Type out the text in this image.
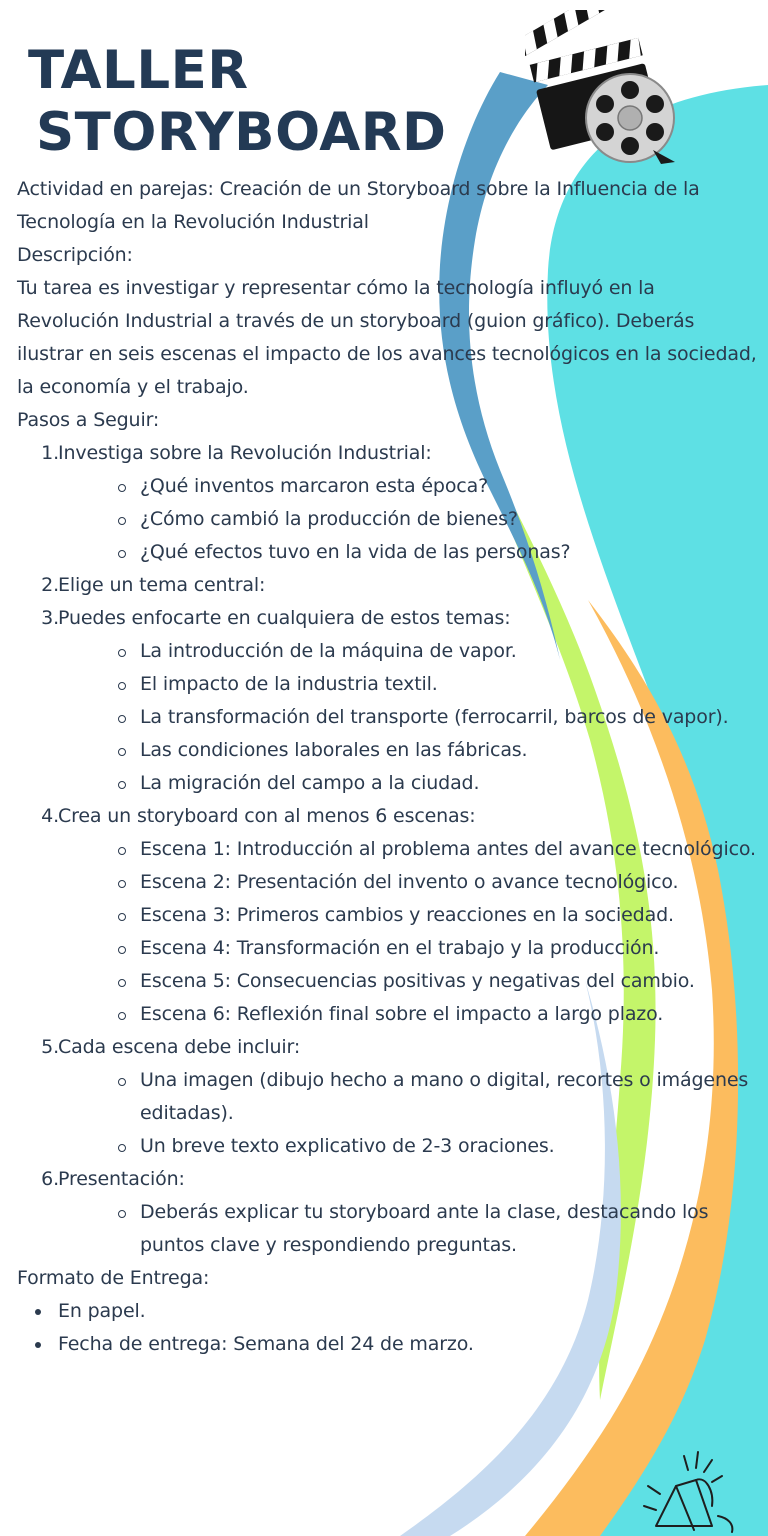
TALLER
STORYBOARD

Actividad en parejas: Creación de un Storyboard sobre la Influencia de la Tecnología en la Revolución Industrial

Descripción:

Tu tarea es investigar y representar cómo la tecnología influyó en la Revolución Industrial a través de un storyboard (guion gráfico). Deberás ilustrar en seis escenas el impacto de los avances tecnológicos en la sociedad, la economía y el trabajo.

Pasos a Seguir:

1. Investiga sobre la Revolución Industrial:
¿Qué inventos marcaron esta época?
¿Cómo cambió la producción de bienes?
¿Qué efectos tuvo en la vida de las personas?
2. Elige un tema central:
3. Puedes enfocarte en cualquiera de estos temas:
La introducción de la máquina de vapor.
El impacto de la industria textil.
La transformación del transporte (ferrocarril, barcos de vapor).
Las condiciones laborales en las fábricas.
La migración del campo a la ciudad.
4. Crea un storyboard con al menos 6 escenas:
Escena 1: Introducción al problema antes del avance tecnológico.
Escena 2: Presentación del invento o avance tecnológico.
Escena 3: Primeros cambios y reacciones en la sociedad.
Escena 4: Transformación en el trabajo y la producción.
Escena 5: Consecuencias positivas y negativas del cambio.
Escena 6: Reflexión final sobre el impacto a largo plazo.
5. Cada escena debe incluir:
Una imagen (dibujo hecho a mano o digital, recortes o imágenes editadas).
Un breve texto explicativo de 2-3 oraciones.
6. Presentación:
Deberás explicar tu storyboard ante la clase, destacando los puntos clave y respondiendo preguntas.

Formato de Entrega:

En papel.
Fecha de entrega: Semana del 24 de marzo.
